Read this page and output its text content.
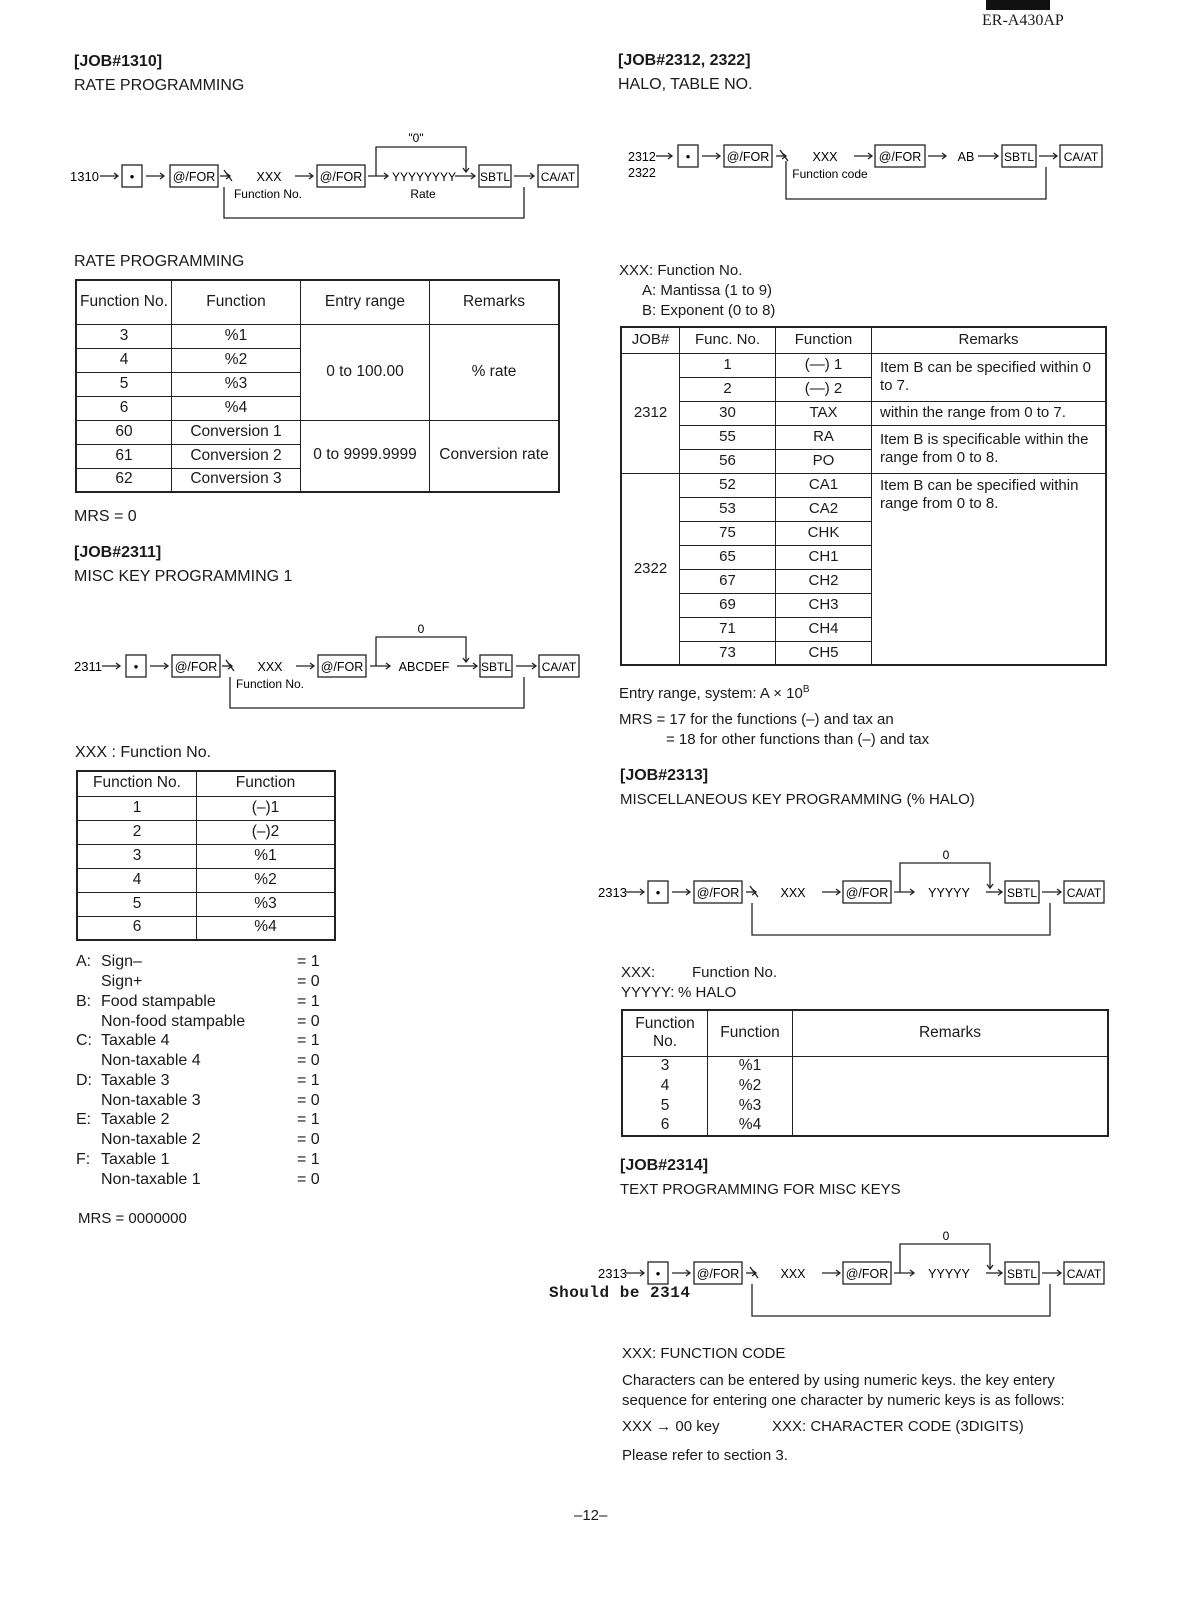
ER-A430AP
[JOB#1310]
RATE PROGRAMMING
1310 •	@/FOR	XXX
Function No.
@/FOR
"0"
YYYYYYYY
Rate
SBTL	CA/AT
RATE PROGRAMMING
Function No.	Function	Entry range	Remarks
3	%1	0 to 100.00	% rate
4	%2		
5	%3		
6	%4		
60	Conversion 1	0 to 9999.9999	Conversion rate
61	Conversion 2		
62	Conversion 3		
MRS = 0
[JOB#2311]
MISC KEY PROGRAMMING 1
2311 •	@/FOR	XXX
Function No.
@/FOR
0
ABCDEF	SBTL	CA/AT
XXX : Function No.
Function No.	Function
1	(–)1
2	(–)2
3	%1
4	%2
5	%3
6	%4
A: Sign–	= 1
Sign+	= 0
B: Food stampable	= 1
Non-food stampable	= 0
C: Taxable 4	= 1
Non-taxable 4	= 0
D: Taxable 3	= 1
Non-taxable 3	= 0
E: Taxable 2	= 1
Non-taxable 2	= 0
F: Taxable 1	= 1
Non-taxable 1	= 0
MRS = 0000000
[JOB#2312, 2322]
HALO, TABLE NO.
2312
2322
•	@/FOR	XXX
Function code
@/FOR	AB SBTL CA/AT
XXX: Function No.
A: Mantissa (1 to 9)
B: Exponent (0 to 8)
JOB#	Func. No.	Function	Remarks
2312	1	(—) 1	Item B can be specified within 0 to 7.
	2	(—) 2	
	30	TAX	within the range from 0 to 7.
	55	RA	Item B is specificable within the range from 0 to 8.
	56	PO	
2322	52	CA1	Item B can be specified within range from 0 to 8.
	53	CA2	
	75	CHK	
	65	CH1	
	67	CH2	
	69	CH3	
	71	CH4	
	73	CH5	
Entry range, system: $A \times 10^B$
MRS = 17 for the functions (–) and tax an
= 18 for other functions than (–) and tax
[JOB#2313]
MISCELLANEOUS KEY PROGRAMMING (% HALO)
2313 •	@/FOR	XXX	@/FOR
0
YYYYY	SBTL CA/AT
XXX: Function No.
YYYYY: % HALO
Function No.	Function	Remarks
3	%1	
4	%2	
5	%3	
6	%4	
[JOB#2314]
TEXT PROGRAMMING FOR MISC KEYS
2313 •	@/FOR	XXX	@/FOR
0
YYYYY	SBTL CA/AT
Should be 2314
XXX: FUNCTION CODE
Characters can be entered by using numeric keys. the key entery sequence for entering one character by numeric keys is as follows:
XXX → 00 key	XXX: CHARACTER CODE (3DIGITS)
Please refer to section 3.
–12–
